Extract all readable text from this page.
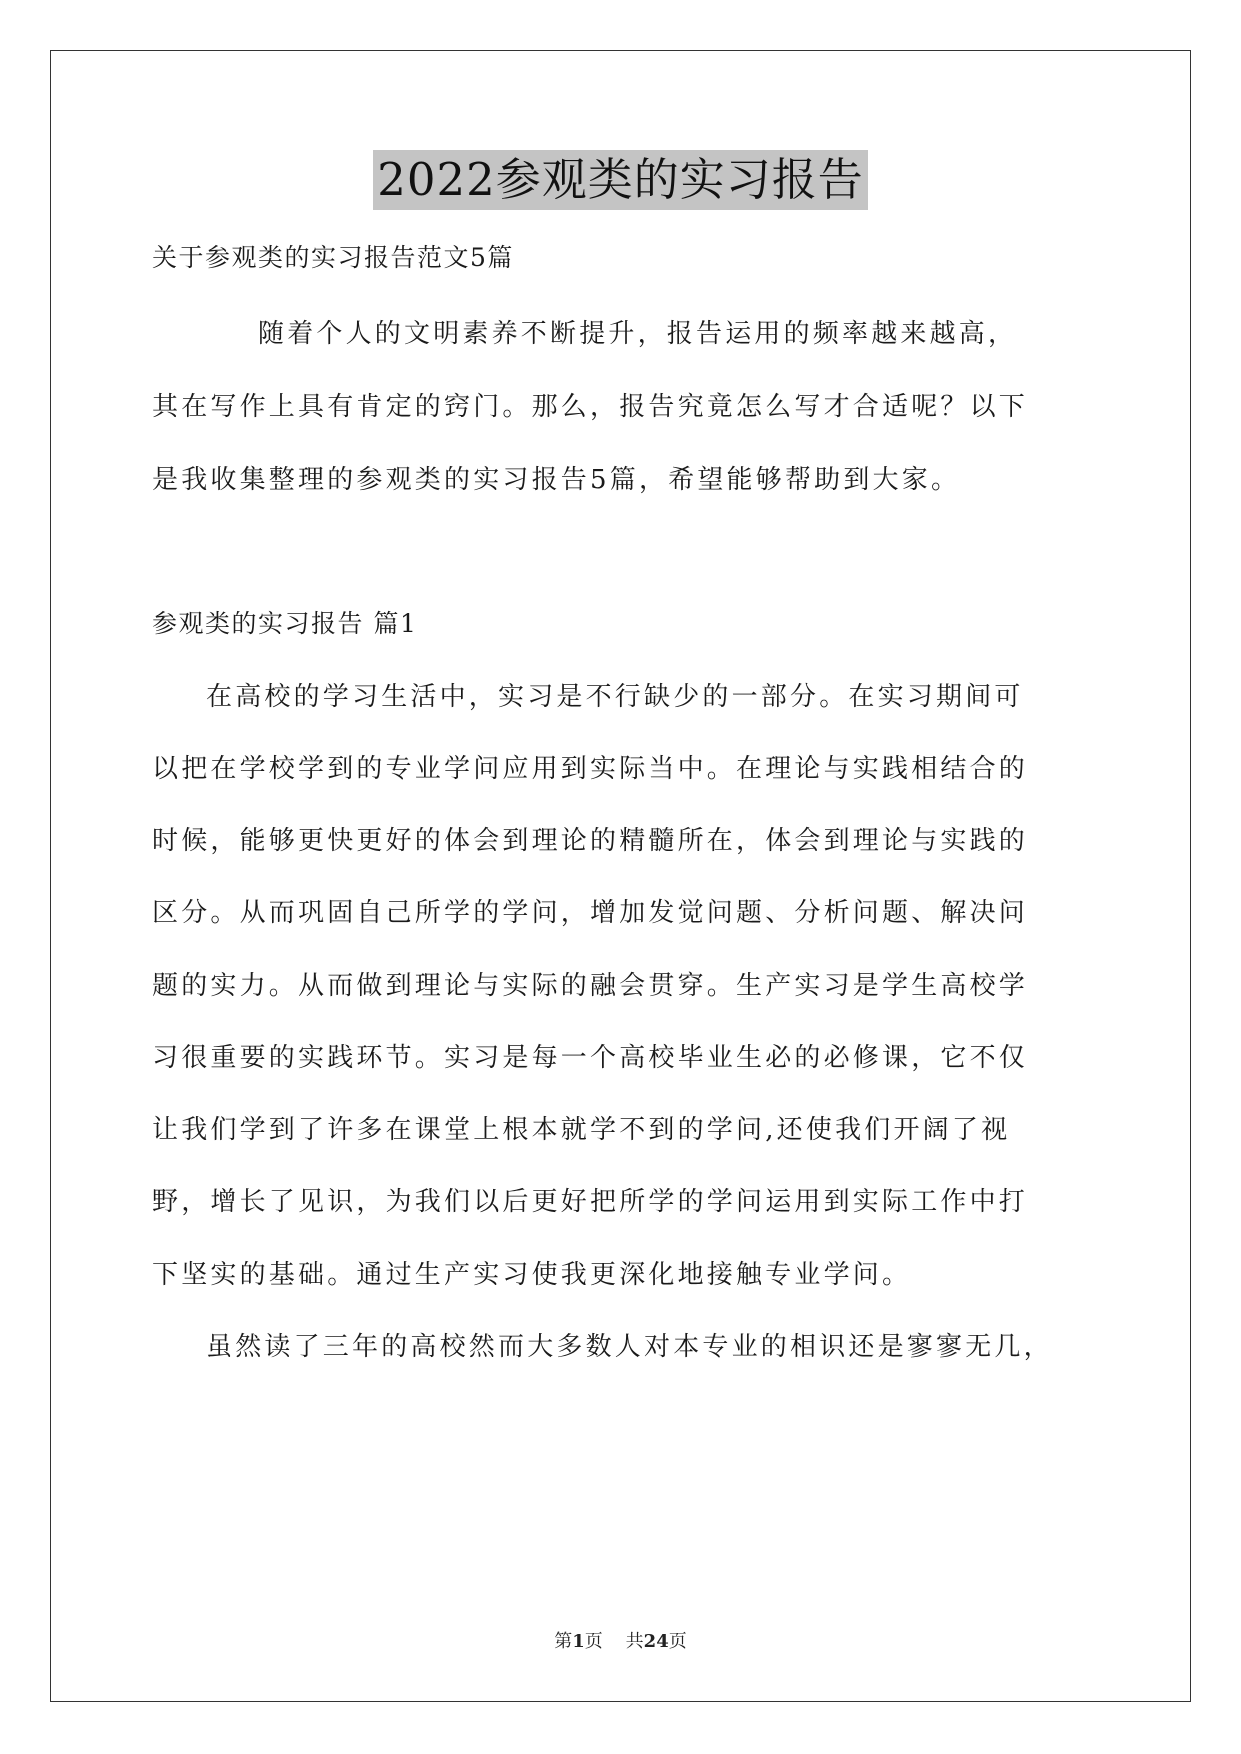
2022参观类的实习报告
关于参观类的实习报告范文5篇
随着个人的文明素养不断提升，报告运用的频率越来越高，
其在写作上具有肯定的窍门。那么，报告究竟怎么写才合适呢？以下
是我收集整理的参观类的实习报告5篇，希望能够帮助到大家。
参观类的实习报告 篇1
在高校的学习生活中，实习是不行缺少的一部分。在实习期间可
以把在学校学到的专业学问应用到实际当中。在理论与实践相结合的
时候，能够更快更好的体会到理论的精髓所在，体会到理论与实践的
区分。从而巩固自己所学的学问，增加发觉问题、分析问题、解决问
题的实力。从而做到理论与实际的融会贯穿。生产实习是学生高校学
习很重要的实践环节。实习是每一个高校毕业生必的必修课，它不仅
让我们学到了许多在课堂上根本就学不到的学问,还使我们开阔了视
野，增长了见识，为我们以后更好把所学的学问运用到实际工作中打
下坚实的基础。通过生产实习使我更深化地接触专业学问。
虽然读了三年的高校然而大多数人对本专业的相识还是寥寥无几，
第1页 共24页
